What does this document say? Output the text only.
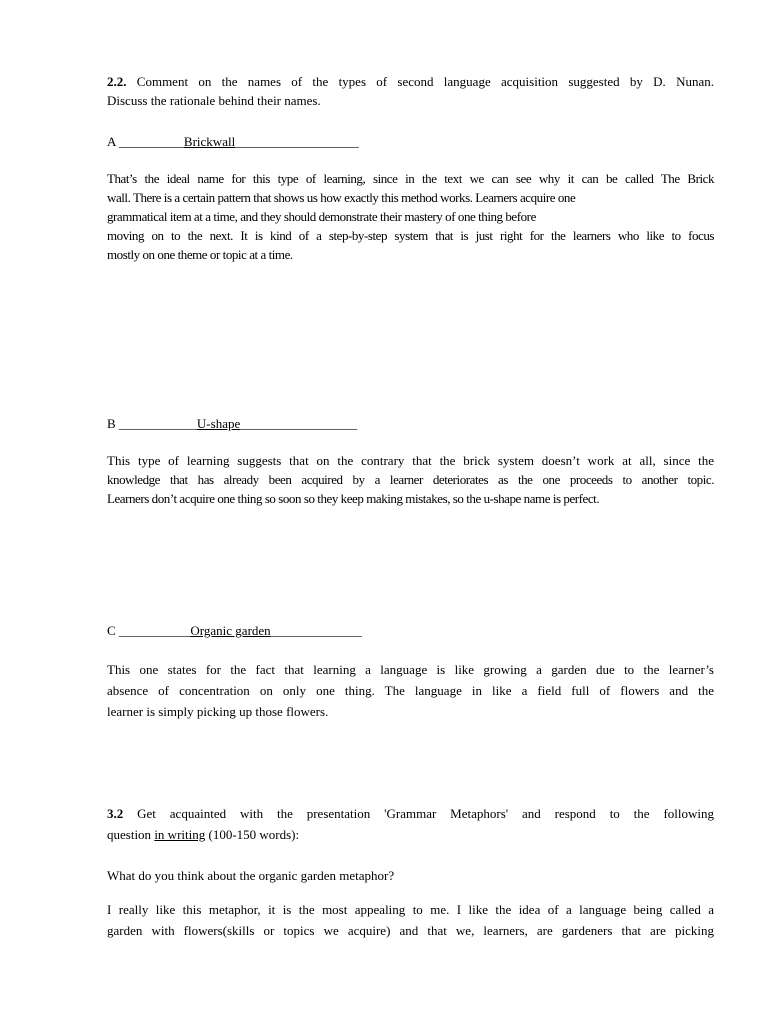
2.2. Comment on the names of the types of second language acquisition suggested by D. Nunan.
Discuss the rationale behind their names.
A __________Brickwall___________________
That’s the ideal name for this type of learning, since in the text we can see why it can be called The Brick
wall. There is a certain pattern that shows us how exactly this method works. Learners acquire one
grammatical item at a time, and they should demonstrate their mastery of one thing before
moving on to the next. It is kind of a step-by-step system that is just right for the learners who like to focus
mostly on one theme or topic at a time.
B ____________U-shape__________________
This type of learning suggests that on the contrary that the brick system doesn’t work at all, since the
knowledge that has already been acquired by a learner deteriorates as the one proceeds to another topic.
Learners don’t acquire one thing so soon so they keep making mistakes, so the u-shape name is perfect.
C ___________Organic garden______________
This one states for the fact that learning a language is like growing a garden due to the learner’s
absence of concentration on only one thing. The language in like a field full of flowers and the
learner is simply picking up those flowers.
3.2 Get acquainted with the presentation 'Grammar Metaphors' and respond to the following
question in writing (100-150 words):
What do you think about the organic garden metaphor?
I really like this metaphor, it is the most appealing to me. I like the idea of a language being called a
garden with flowers(skills or topics we acquire) and that we, learners, are gardeners that are picking
